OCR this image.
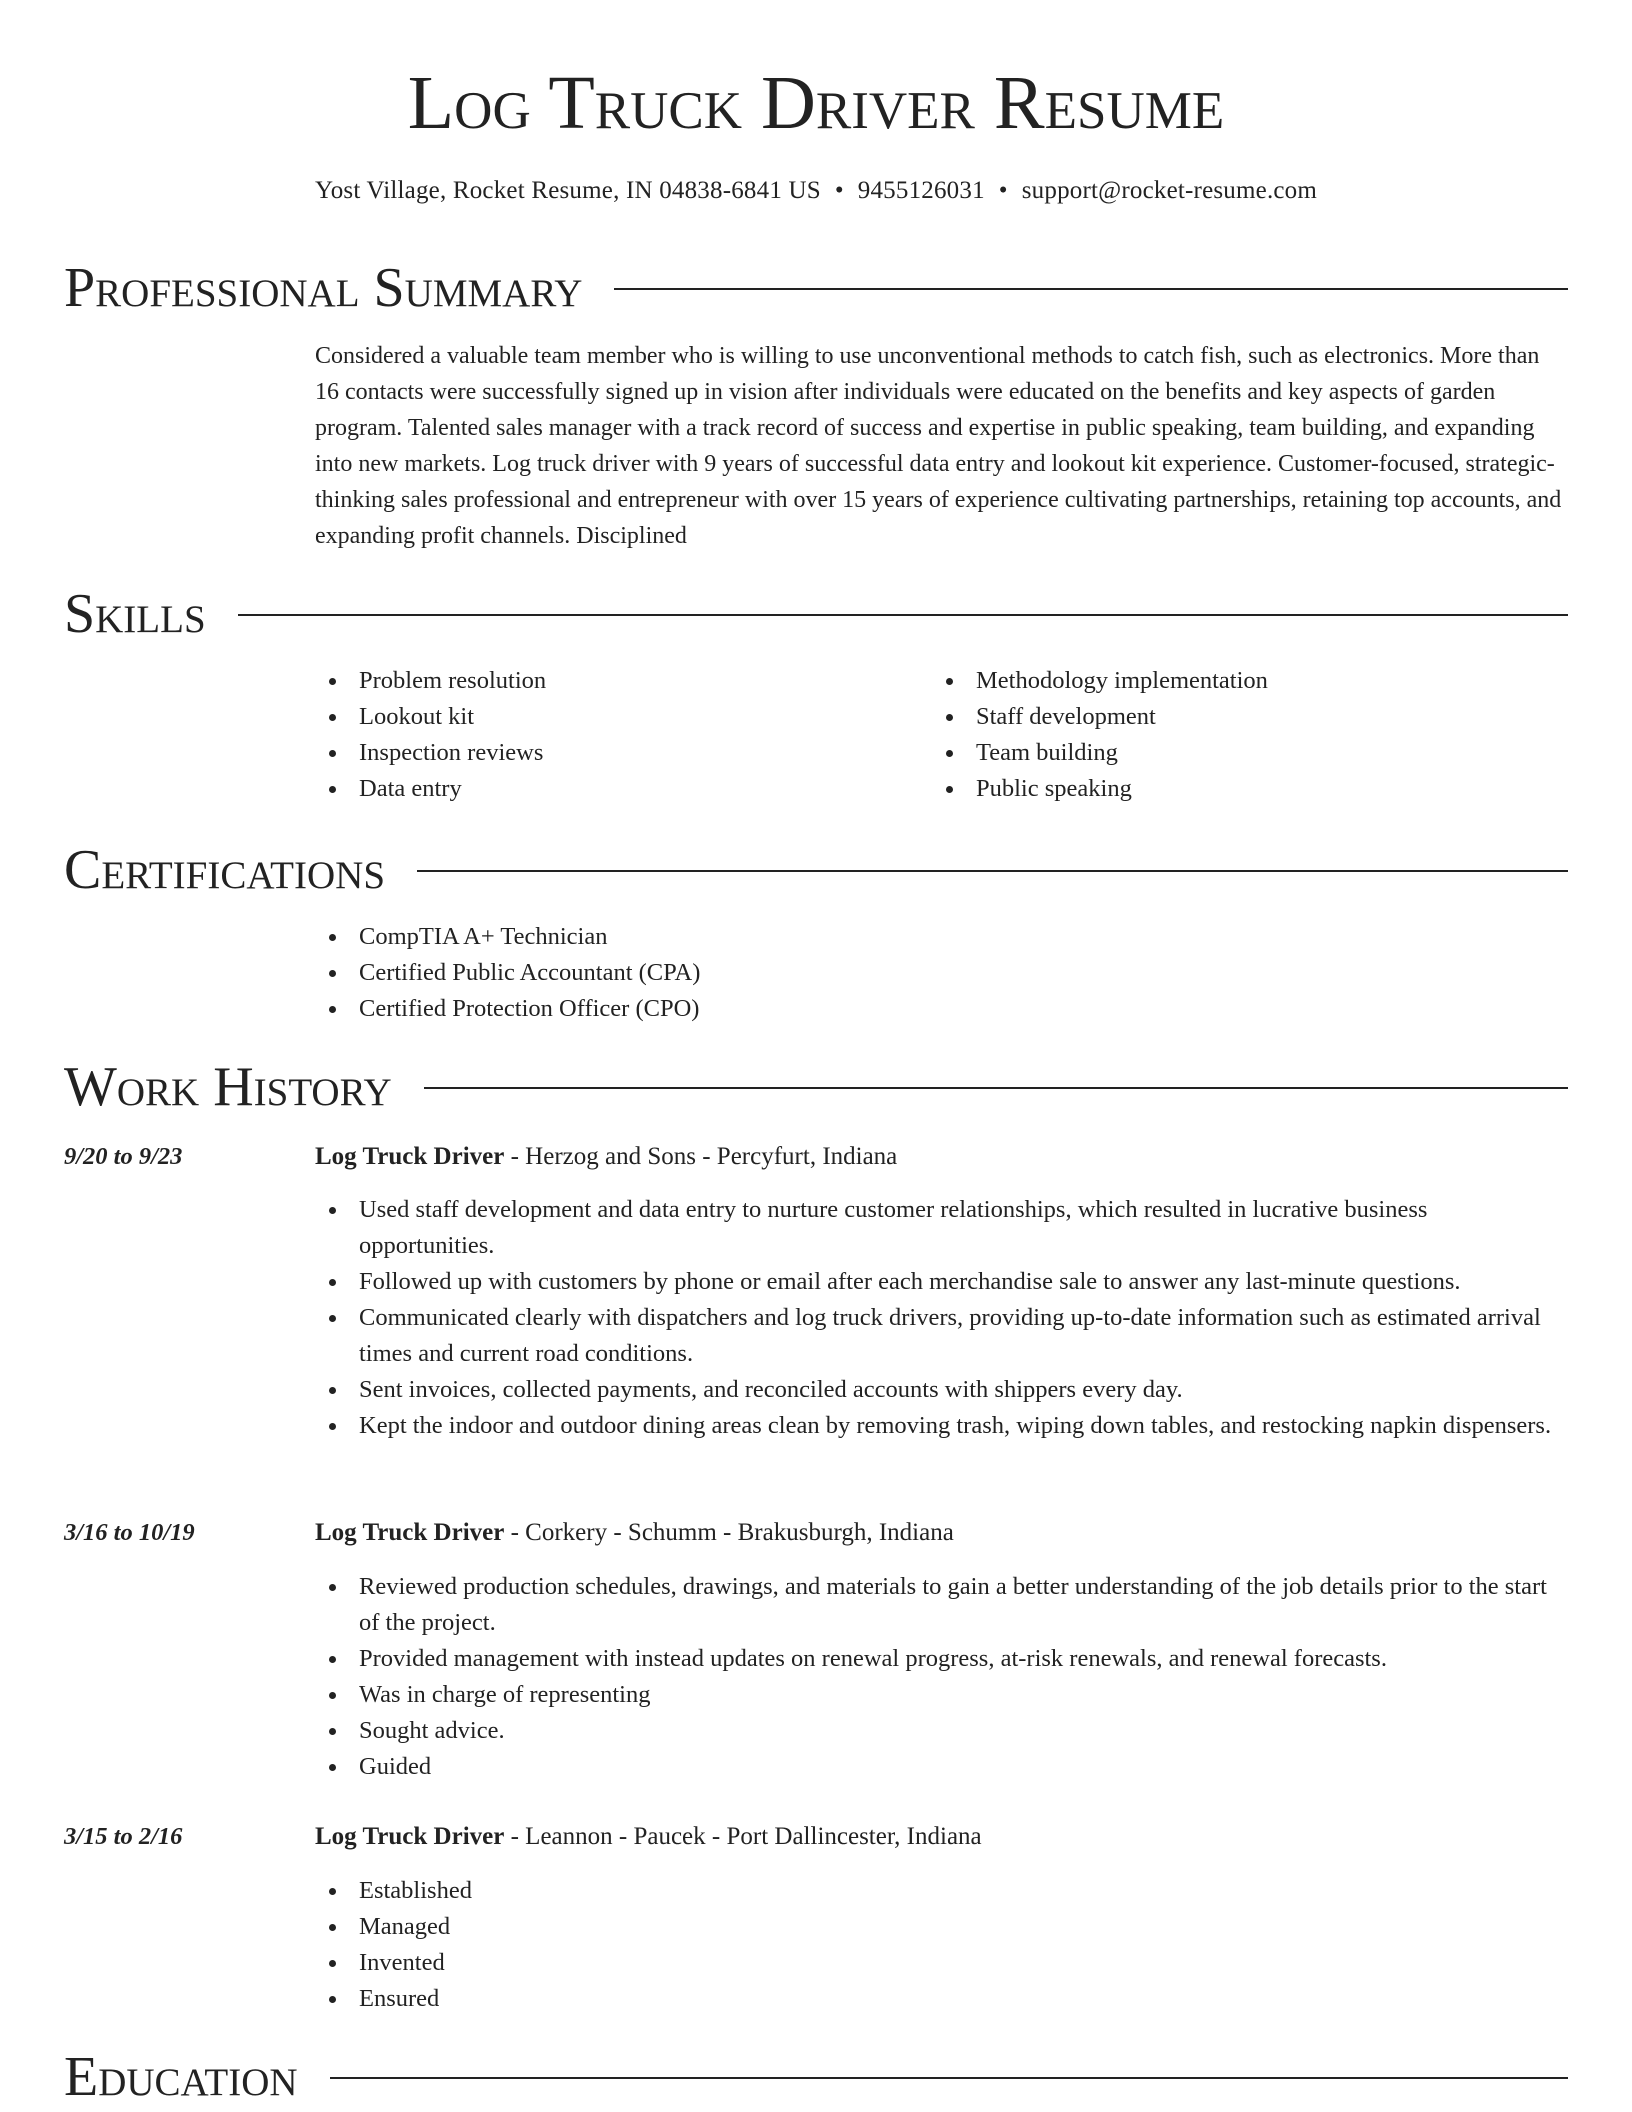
Log Truck Driver Resume
Yost Village, Rocket Resume, IN 04838-6841 US • 9455126031 • support@rocket-resume.com
Professional Summary

Considered a valuable team member who is willing to use unconventional methods to catch fish, such as electronics. More than 16 contacts were successfully signed up in vision after individuals were educated on the benefits and key aspects of garden program. Talented sales manager with a track record of success and expertise in public speaking, team building, and expanding into new markets. Log truck driver with 9 years of successful data entry and lookout kit experience. Customer-focused, strategic-thinking sales professional and entrepreneur with over 15 years of experience cultivating partnerships, retaining top accounts, and expanding profit channels. Disciplined

Skills
Problem resolution
Lookout kit
Inspection reviews
Data entry
Methodology implementation
Staff development
Team building
Public speaking
Certifications
CompTIA A+ Technician
Certified Public Accountant (CPA)
Certified Protection Officer (CPO)
Work History
9/20 to 9/23	Log Truck Driver - Herzog and Sons - Percyfurt, Indiana
Used staff development and data entry to nurture customer relationships, which resulted in lucrative business opportunities.
Followed up with customers by phone or email after each merchandise sale to answer any last-minute questions.
Communicated clearly with dispatchers and log truck drivers, providing up-to-date information such as estimated arrival times and current road conditions.
Sent invoices, collected payments, and reconciled accounts with shippers every day.
Kept the indoor and outdoor dining areas clean by removing trash, wiping down tables, and restocking napkin dispensers.
3/16 to 10/19	Log Truck Driver - Corkery - Schumm - Brakusburgh, Indiana
Reviewed production schedules, drawings, and materials to gain a better understanding of the job details prior to the start of the project.
Provided management with instead updates on renewal progress, at-risk renewals, and renewal forecasts.
Was in charge of representing
Sought advice.
Guided
3/15 to 2/16	Log Truck Driver - Leannon - Paucek - Port Dallincester, Indiana
Established
Managed
Invented
Ensured
Education
